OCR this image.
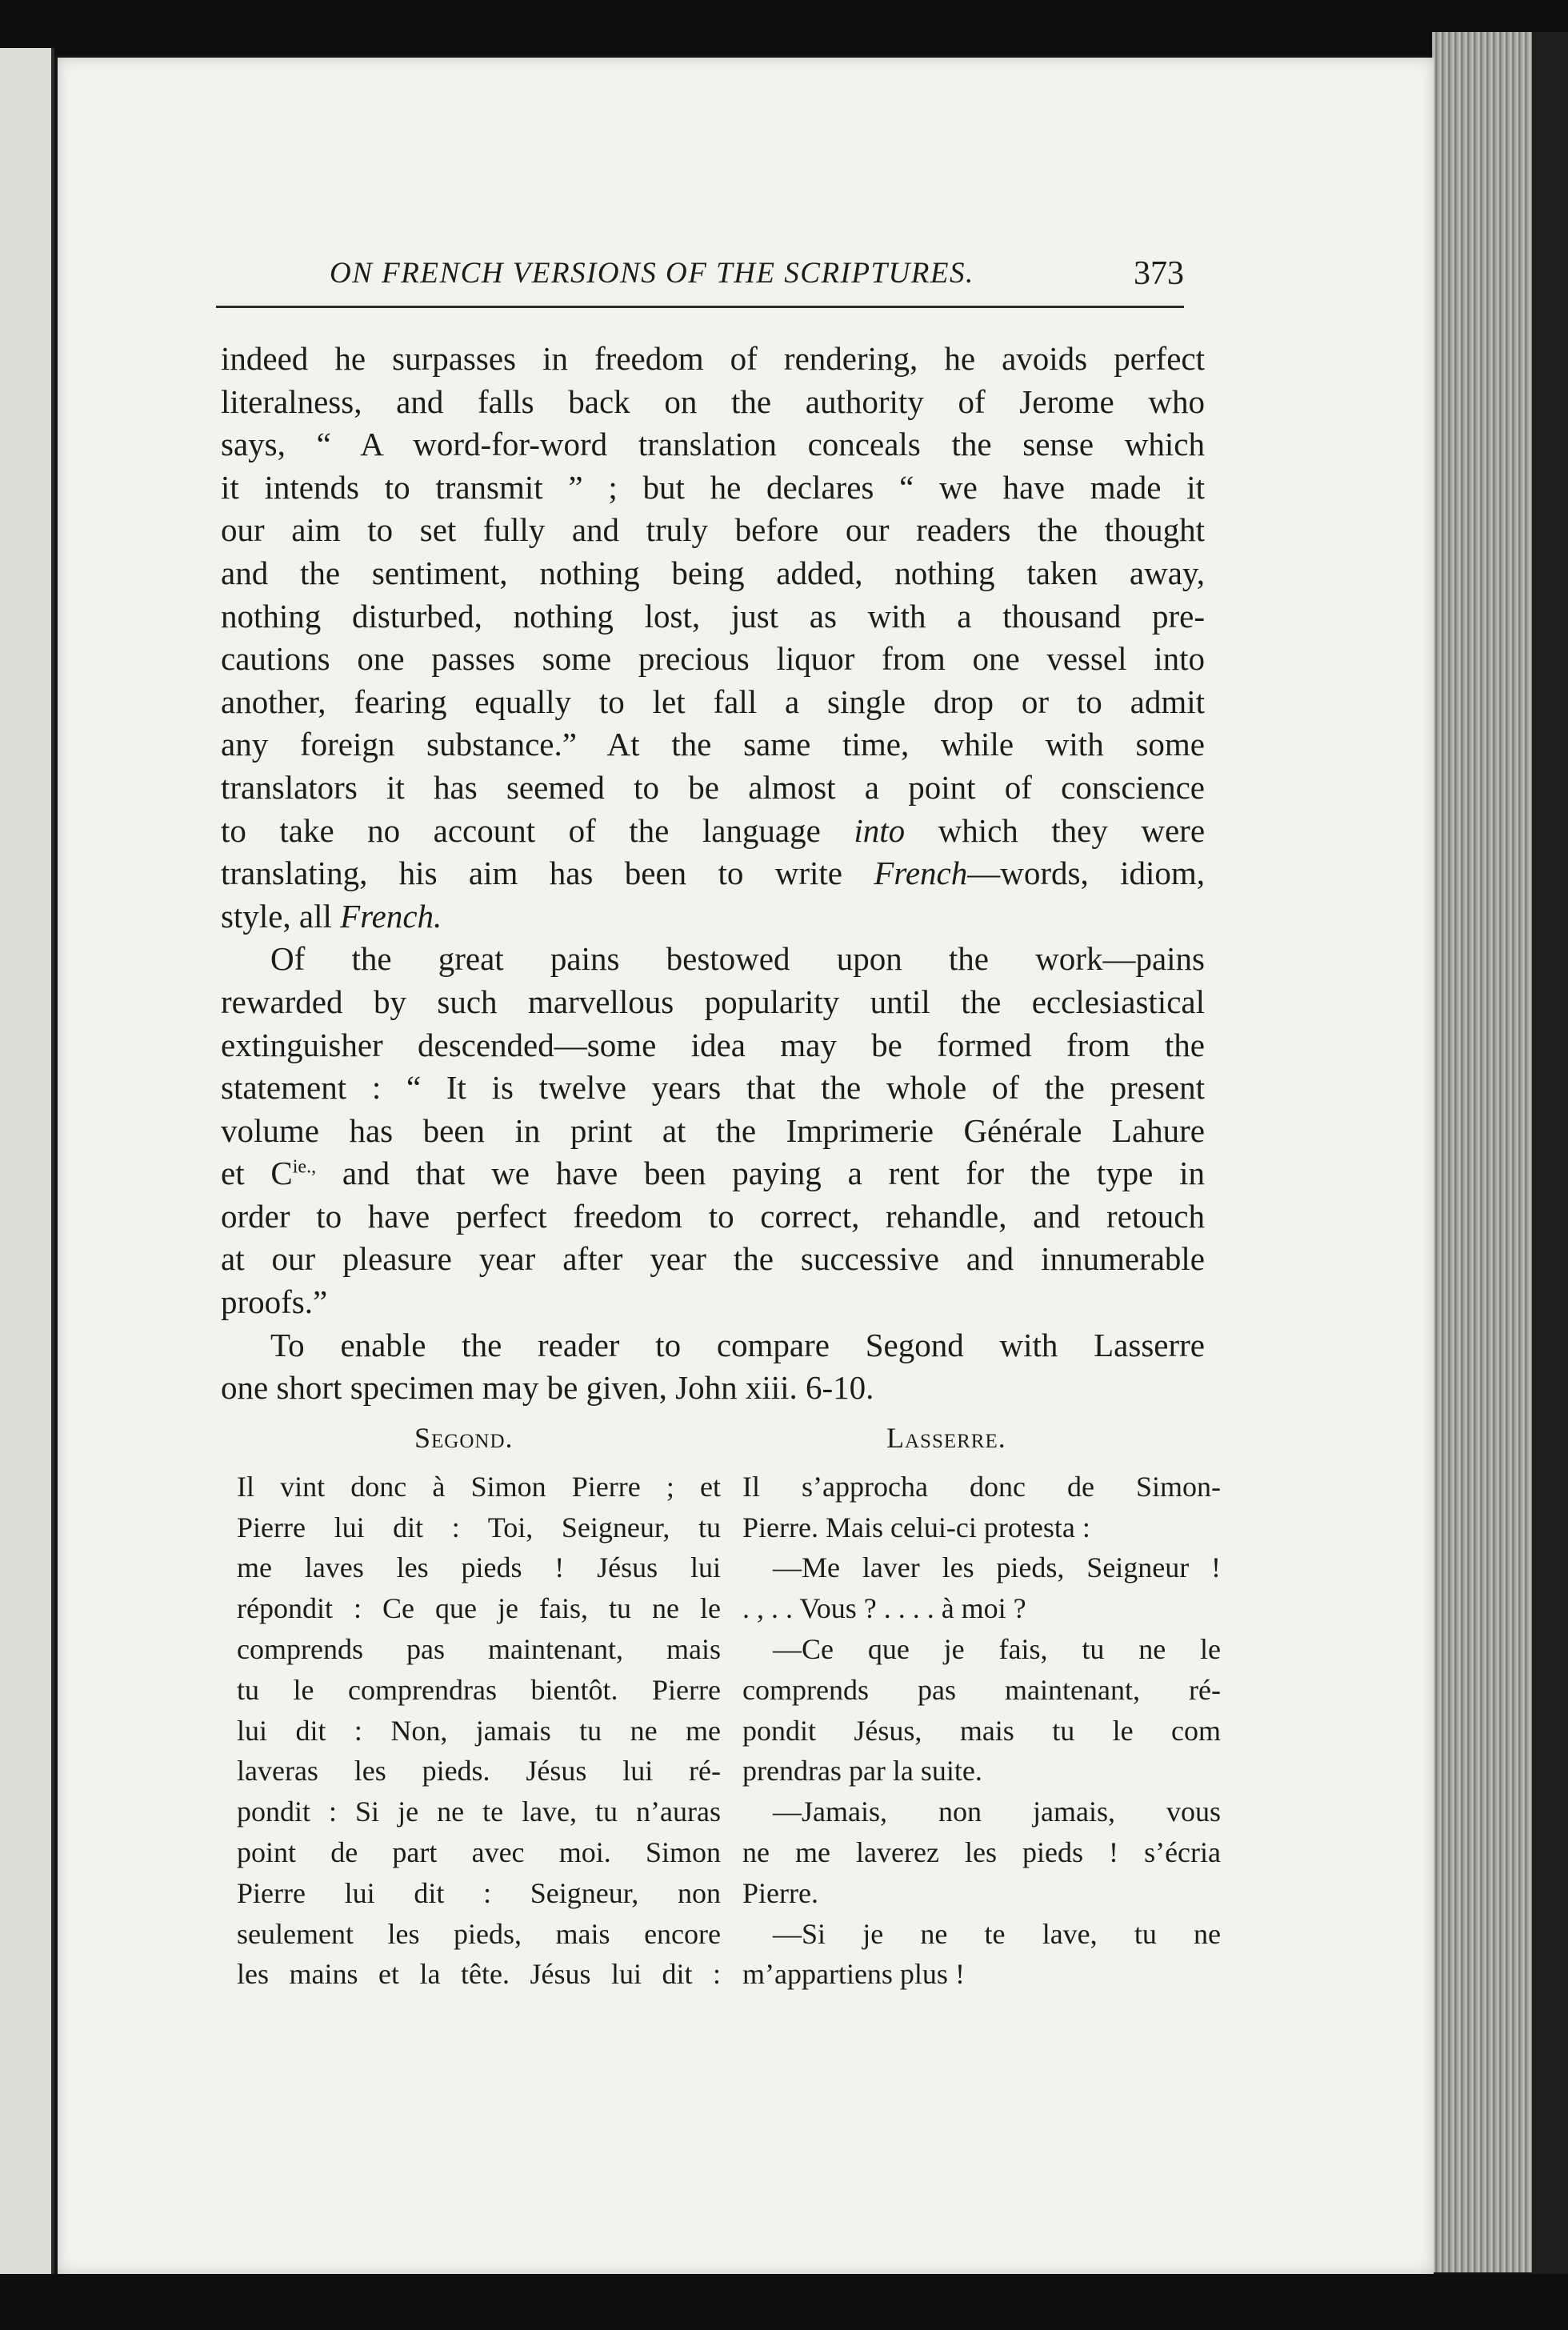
ON FRENCH VERSIONS OF THE SCRIPTURES.	373

indeed he surpasses in freedom of rendering, he avoids perfect

literalness, and falls back on the authority of Jerome who

says, “ A word-for-word translation conceals the sense which

it intends to transmit ” ; but he declares “ we have made it

our aim to set fully and truly before our readers the thought

and the sentiment, nothing being added, nothing taken away,

nothing disturbed, nothing lost, just as with a thousand pre-

cautions one passes some precious liquor from one vessel into

another, fearing equally to let fall a single drop or to admit

any foreign substance.” At the same time, while with some

translators it has seemed to be almost a point of conscience

to take no account of the language into which they were

translating, his aim has been to write French—words, idiom,

style, all French.

Of the great pains bestowed upon the work—pains

rewarded by such marvellous popularity until the ecclesiastical

extinguisher descended—some idea may be formed from the

statement : “ It is twelve years that the whole of the present

volume has been in print at the Imprimerie Générale Lahure

et $C^{ie.,}$ and that we have been paying a rent for the type in

order to have perfect freedom to correct, rehandle, and retouch

at our pleasure year after year the successive and innumerable

proofs.”

To enable the reader to compare Segond with Lasserre

one short specimen may be given, John xiii. 6-10.

Segond.

Il vint donc à Simon Pierre ; et

Pierre lui dit : Toi, Seigneur, tu

me laves les pieds ! Jésus lui

répondit : Ce que je fais, tu ne le

comprends pas maintenant, mais

tu le comprendras bientôt. Pierre

lui dit : Non, jamais tu ne me

laveras les pieds. Jésus lui ré-

pondit : Si je ne te lave, tu n’auras

point de part avec moi. Simon

Pierre lui dit : Seigneur, non

seulement les pieds, mais encore

les mains et la tête. Jésus lui dit :

Lasserre.

Il s’approcha donc de Simon-

Pierre. Mais celui-ci protesta :

—Me laver les pieds, Seigneur !

. , . . Vous ? . . . . à moi ?

—Ce que je fais, tu ne le

comprends pas maintenant, ré-

pondit Jésus, mais tu le com

prendras par la suite.

—Jamais, non jamais, vous

ne me laverez les pieds ! s’écria

Pierre.

—Si je ne te lave, tu ne

m’appartiens plus !
